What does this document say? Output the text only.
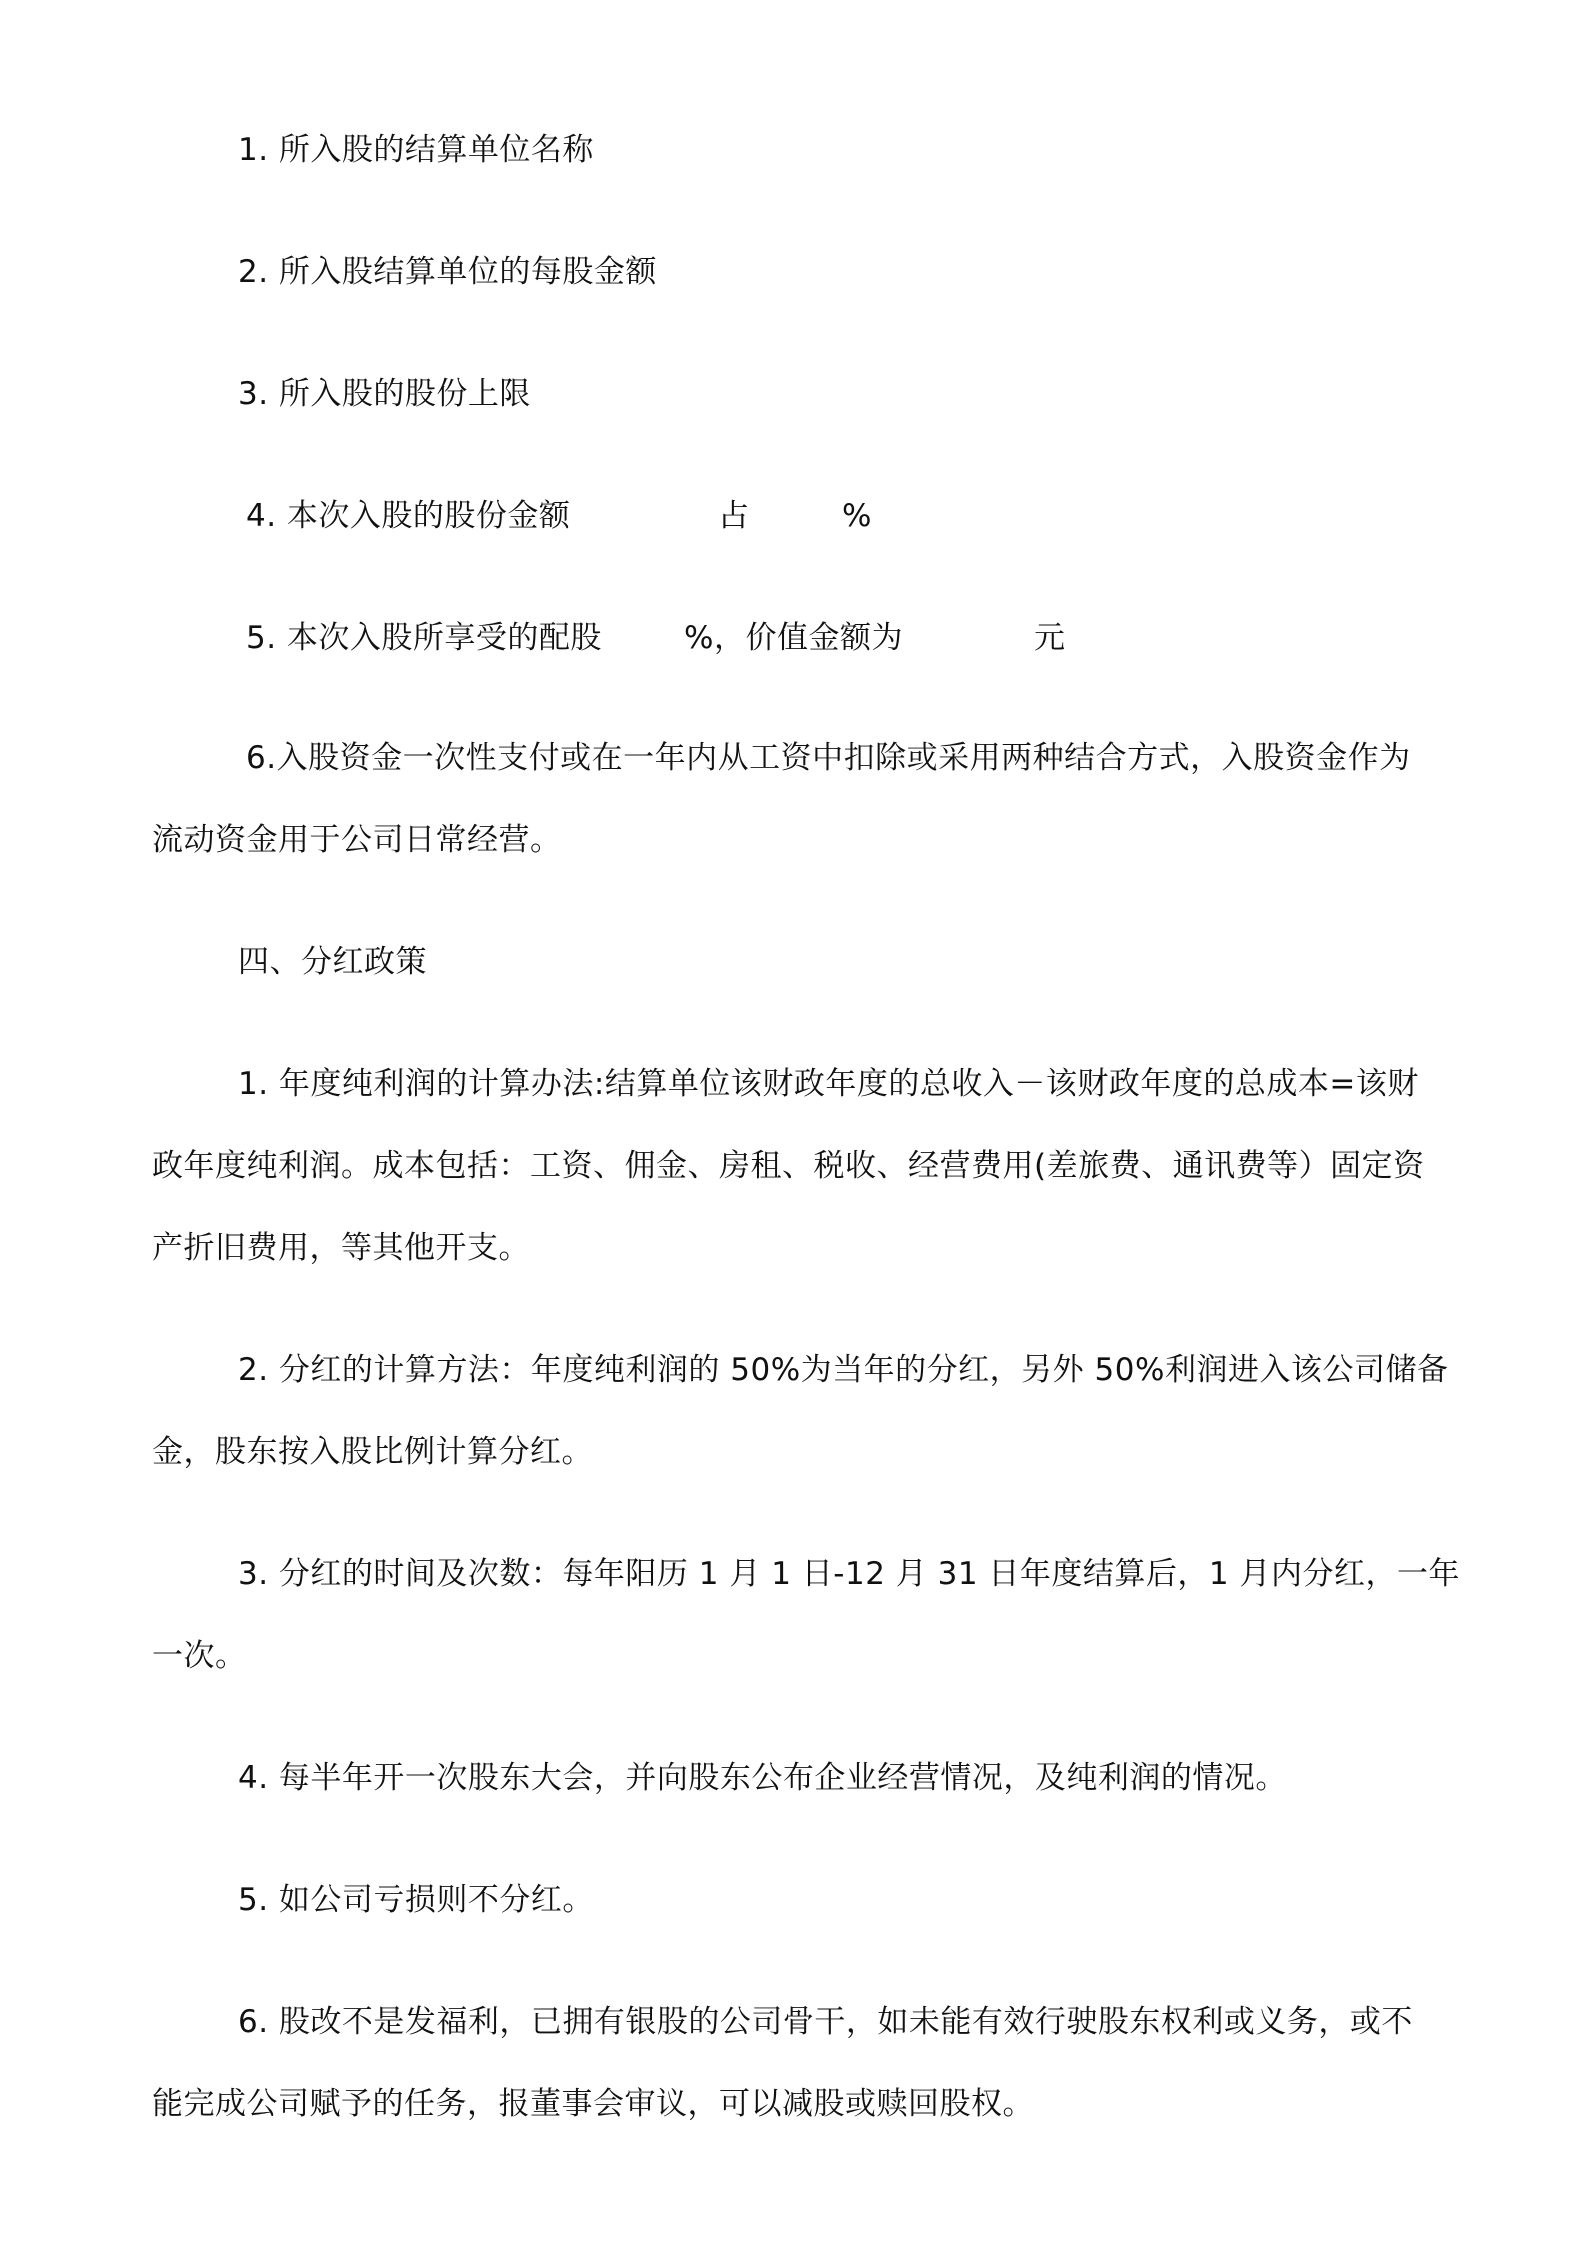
1. 所入股的结算单位名称
2. 所入股结算单位的每股金额
3. 所入股的股份上限
4. 本次入股的股份金额	占	%
5. 本次入股所享受的配股	%，价值金额为	元
6.入股资金一次性支付或在一年内从工资中扣除或采用两种结合方式，入股资金作为
流动资金用于公司日常经营。
四、分红政策
1. 年度纯利润的计算办法:结算单位该财政年度的总收入－该财政年度的总成本=该财
政年度纯利润。成本包括：工资、佣金、房租、税收、经营费用(差旅费、通讯费等）固定资
产折旧费用，等其他开支。
2. 分红的计算方法：年度纯利润的 50%为当年的分红，另外 50%利润进入该公司储备
金，股东按入股比例计算分红。
3. 分红的时间及次数：每年阳历 1 月 1 日-12 月 31 日年度结算后，1 月内分红，一年
一次。
4. 每半年开一次股东大会，并向股东公布企业经营情况，及纯利润的情况。
5. 如公司亏损则不分红。
6. 股改不是发福利，已拥有银股的公司骨干，如未能有效行驶股东权利或义务，或不
能完成公司赋予的任务，报董事会审议，可以减股或赎回股权。
